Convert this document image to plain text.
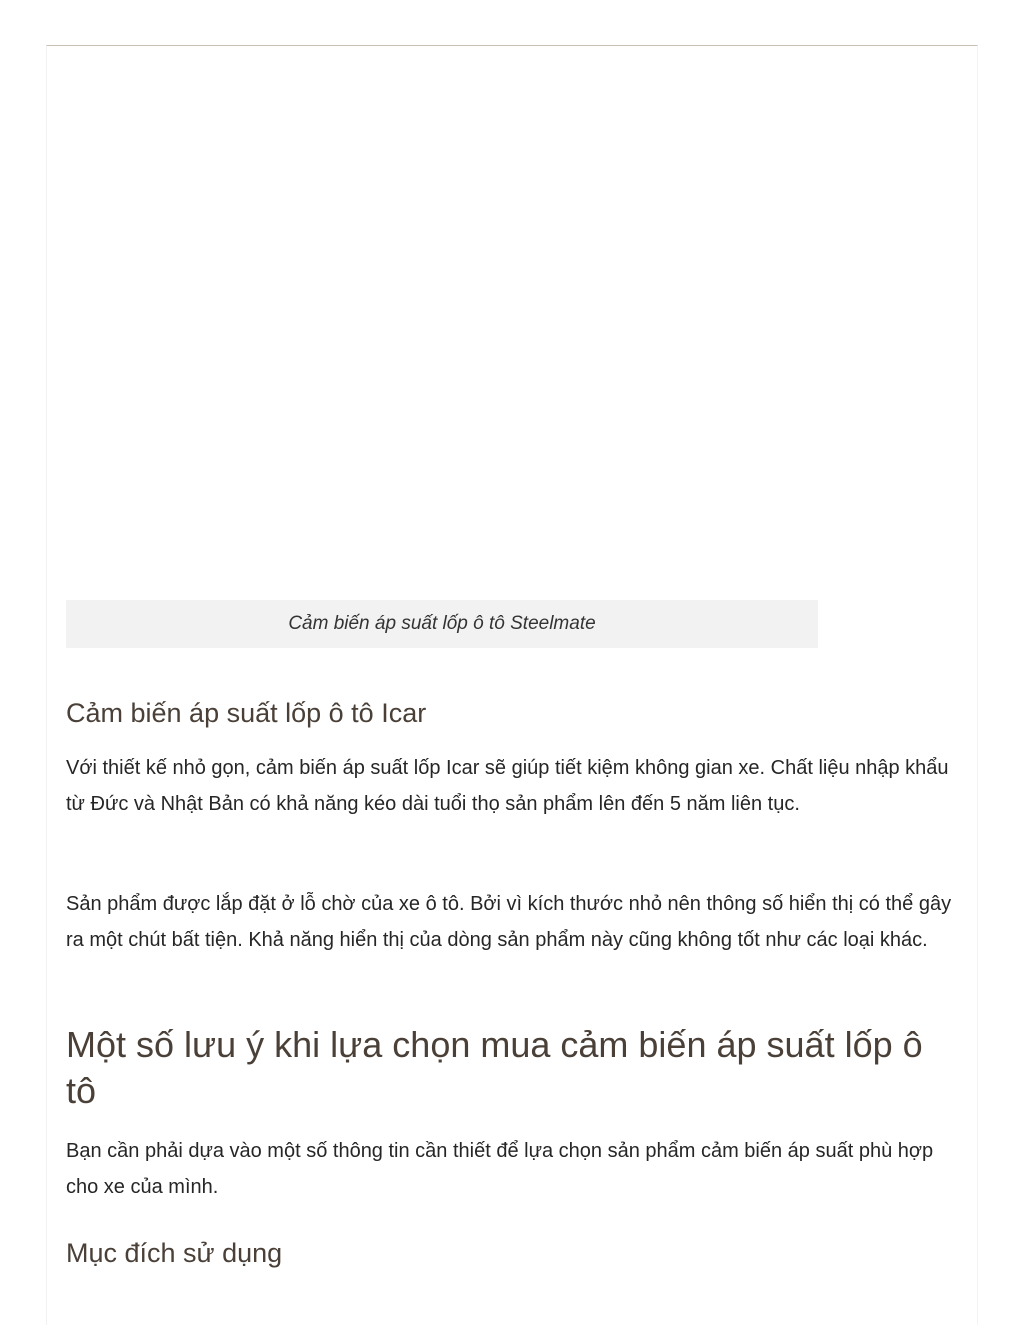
Cảm biến áp suất lốp ô tô Steelmate
Cảm biến áp suất lốp ô tô Icar

Với thiết kế nhỏ gọn, cảm biến áp suất lốp Icar sẽ giúp tiết kiệm không gian xe. Chất liệu nhập khẩu từ Đức và Nhật Bản có khả năng kéo dài tuổi thọ sản phẩm lên đến 5 năm liên tục.

Sản phẩm được lắp đặt ở lỗ chờ của xe ô tô. Bởi vì kích thước nhỏ nên thông số hiển thị có thể gây ra một chút bất tiện. Khả năng hiển thị của dòng sản phẩm này cũng không tốt như các loại khác.

Một số lưu ý khi lựa chọn mua cảm biến áp suất lốp ô tô

Bạn cần phải dựa vào một số thông tin cần thiết để lựa chọn sản phẩm cảm biến áp suất phù hợp cho xe của mình.

Mục đích sử dụng
